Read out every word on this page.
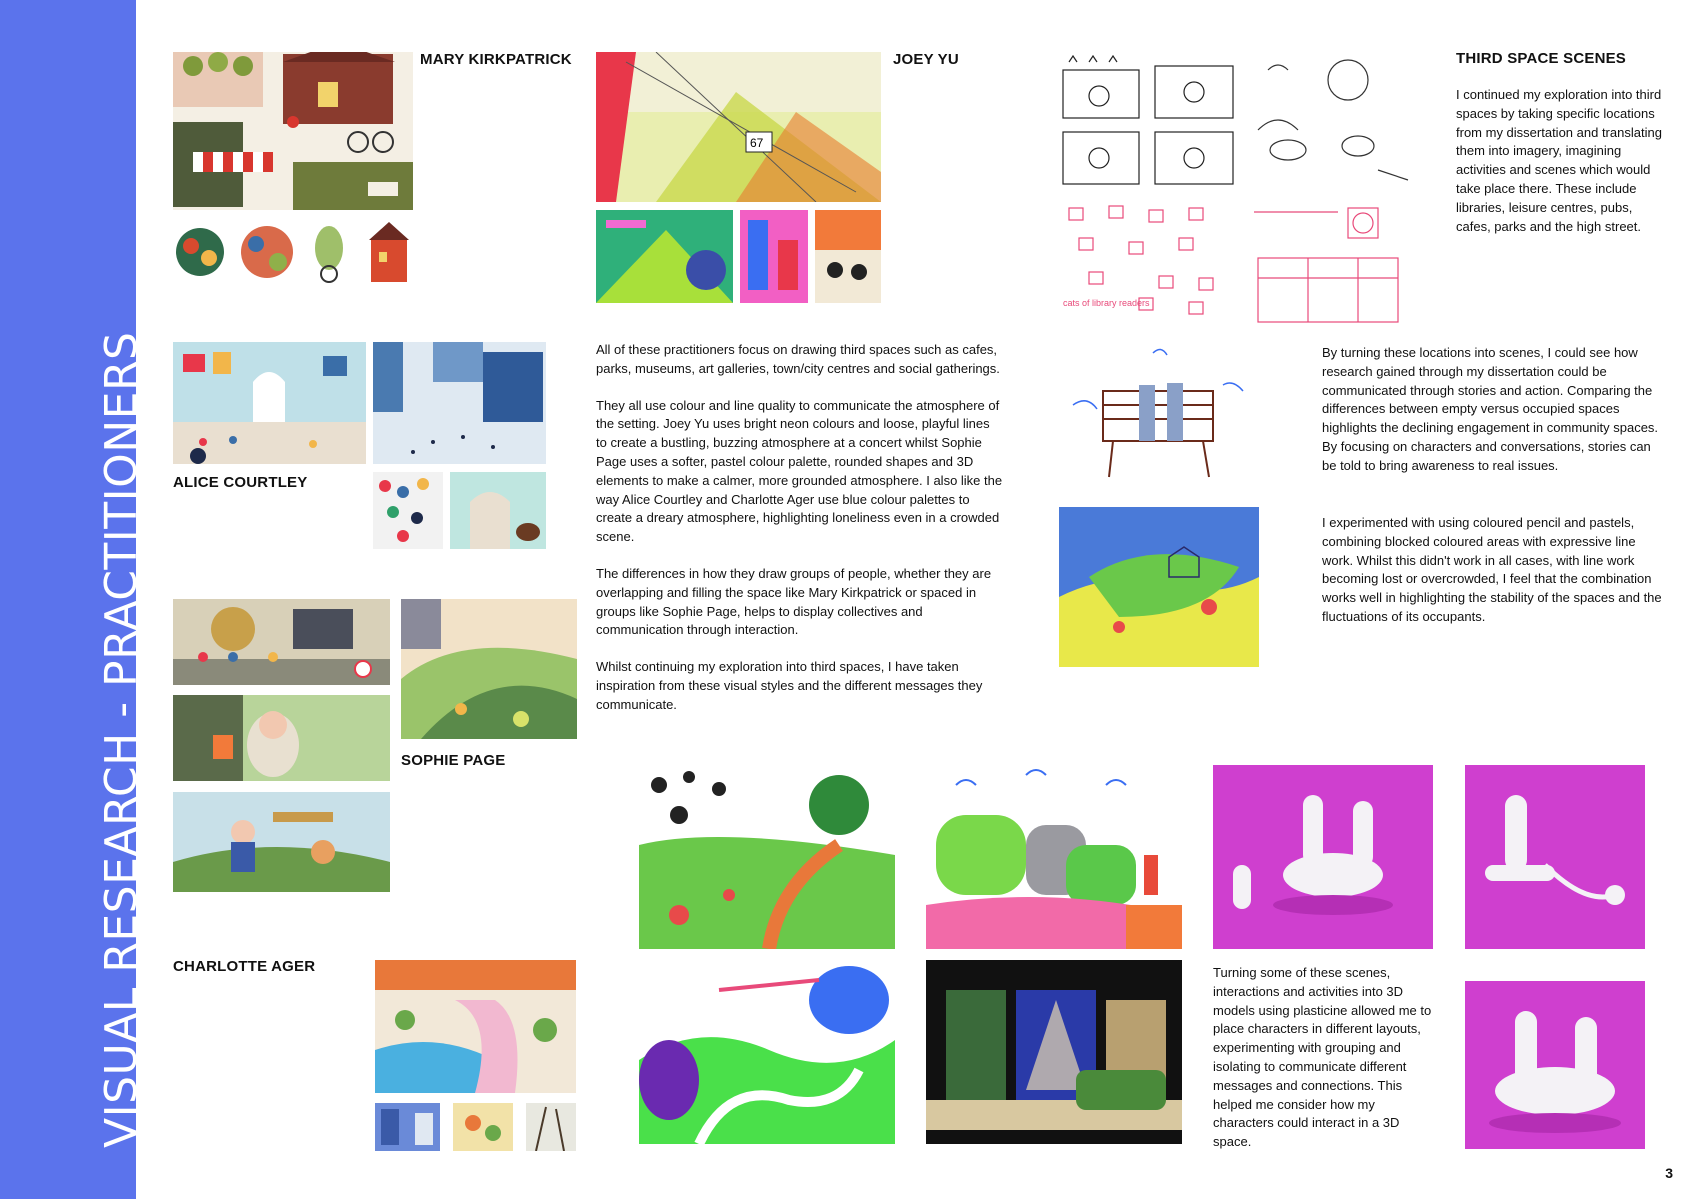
VISUAL RESEARCH - PRACTITIONERS
MARY KIRKPATRICK
67
JOEY YU
ALICE COURTLEY

All of these practitioners focus on drawing third spaces such as cafes, parks, museums, art galleries, town/city centres and social gatherings.

They all use colour and line quality to communicate the atmosphere of the setting. Joey Yu uses bright neon colours and loose, playful lines to create a bustling, buzzing atmosphere at a concert whilst Sophie Page uses a softer, pastel colour palette, rounded shapes and 3D elements to make a calmer, more grounded atmosphere. I also like the way Alice Courtley and Charlotte Ager use blue colour palettes to create a dreary atmosphere, highlighting loneliness even in a crowded scene.

The differences in how they draw groups of people, whether they are overlapping and filling the space like Mary Kirkpatrick or spaced in groups like Sophie Page, helps to display collectives and communication through interaction.

Whilst continuing my exploration into third spaces, I have taken inspiration from these visual styles and the different messages they communicate.

SOPHIE PAGE
CHARLOTTE AGER
cats of library readers
THIRD SPACE SCENES
I continued my exploration into third spaces by taking specific locations from my dissertation and translating them into imagery, imagining activities and scenes which would take place there. These include libraries, leisure centres, pubs, cafes, parks and the high street.
By turning these locations into scenes, I could see how research gained through my dissertation could be communicated through stories and action. Comparing the differences between empty versus occupied spaces highlights the declining engagement in community spaces. By focusing on characters and conversations, stories can be told to bring awareness to real issues.
I experimented with using coloured pencil and pastels, combining blocked coloured areas with expressive line work. Whilst this didn't work in all cases, with line work becoming lost or overcrowded, I feel that the combination works well in highlighting the stability of the spaces and the fluctuations of its occupants.
Turning some of these scenes, interactions and activities into 3D models using plasticine allowed me to place characters in different layouts, experimenting with grouping and isolating to communicate different messages and connections. This helped me consider how my characters could interact in a 3D space.
3
